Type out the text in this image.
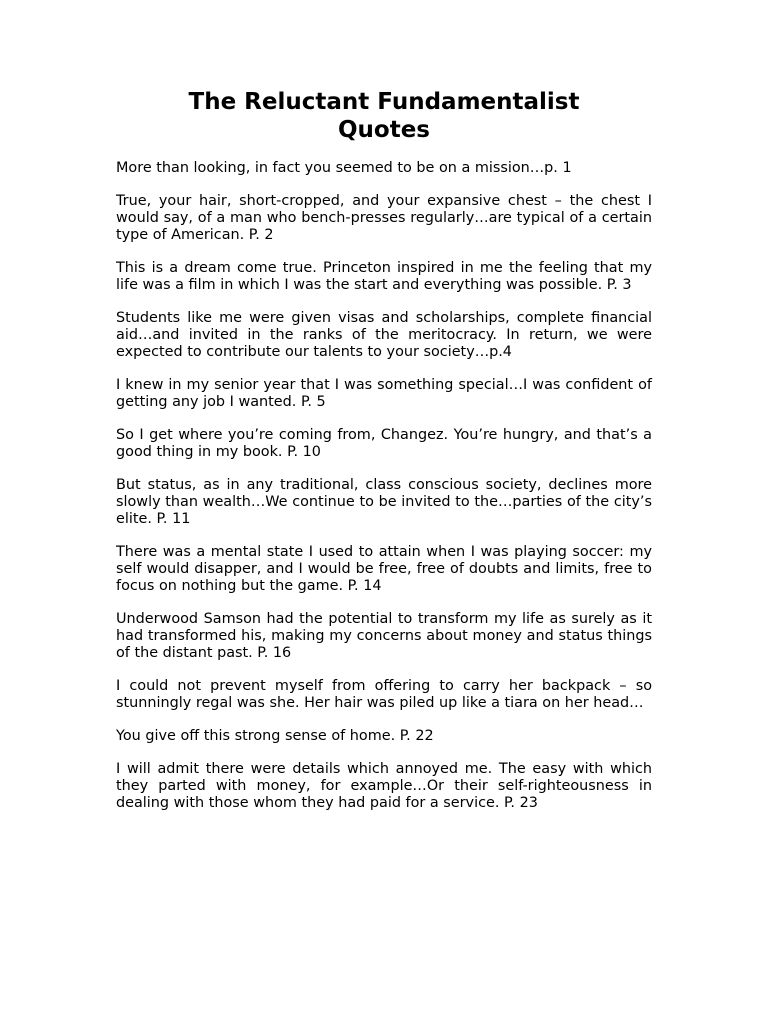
The Reluctant Fundamentalist
Quotes

More than looking, in fact you seemed to be on a mission…p. 1

True, your hair, short-cropped, and your expansive chest – the chest I would say, of a man who bench-presses regularly…are typical of a certain type of American. P. 2

This is a dream come true. Princeton inspired in me the feeling that my life was a film in which I was the start and everything was possible. P. 3

Students like me were given visas and scholarships, complete financial aid…and invited in the ranks of the meritocracy. In return, we were expected to contribute our talents to your society…p.4

I knew in my senior year that I was something special…I was confident of getting any job I wanted. P. 5

So I get where you’re coming from, Changez. You’re hungry, and that’s a good thing in my book. P. 10

But status, as in any traditional, class conscious society, declines more slowly than wealth…We continue to be invited to the…parties of the city’s elite. P. 11

There was a mental state I used to attain when I was playing soccer: my self would disapper, and I would be free, free of doubts and limits, free to focus on nothing but the game. P. 14

Underwood Samson had the potential to transform my life as surely as it had transformed his, making my concerns about money and status things of the distant past. P. 16

I could not prevent myself from offering to carry her backpack – so stunningly regal was she. Her hair was piled up like a tiara on her head…

You give off this strong sense of home. P. 22

I will admit there were details which annoyed me. The easy with which they parted with money, for example…Or their self-righteousness in dealing with those whom they had paid for a service. P. 23
